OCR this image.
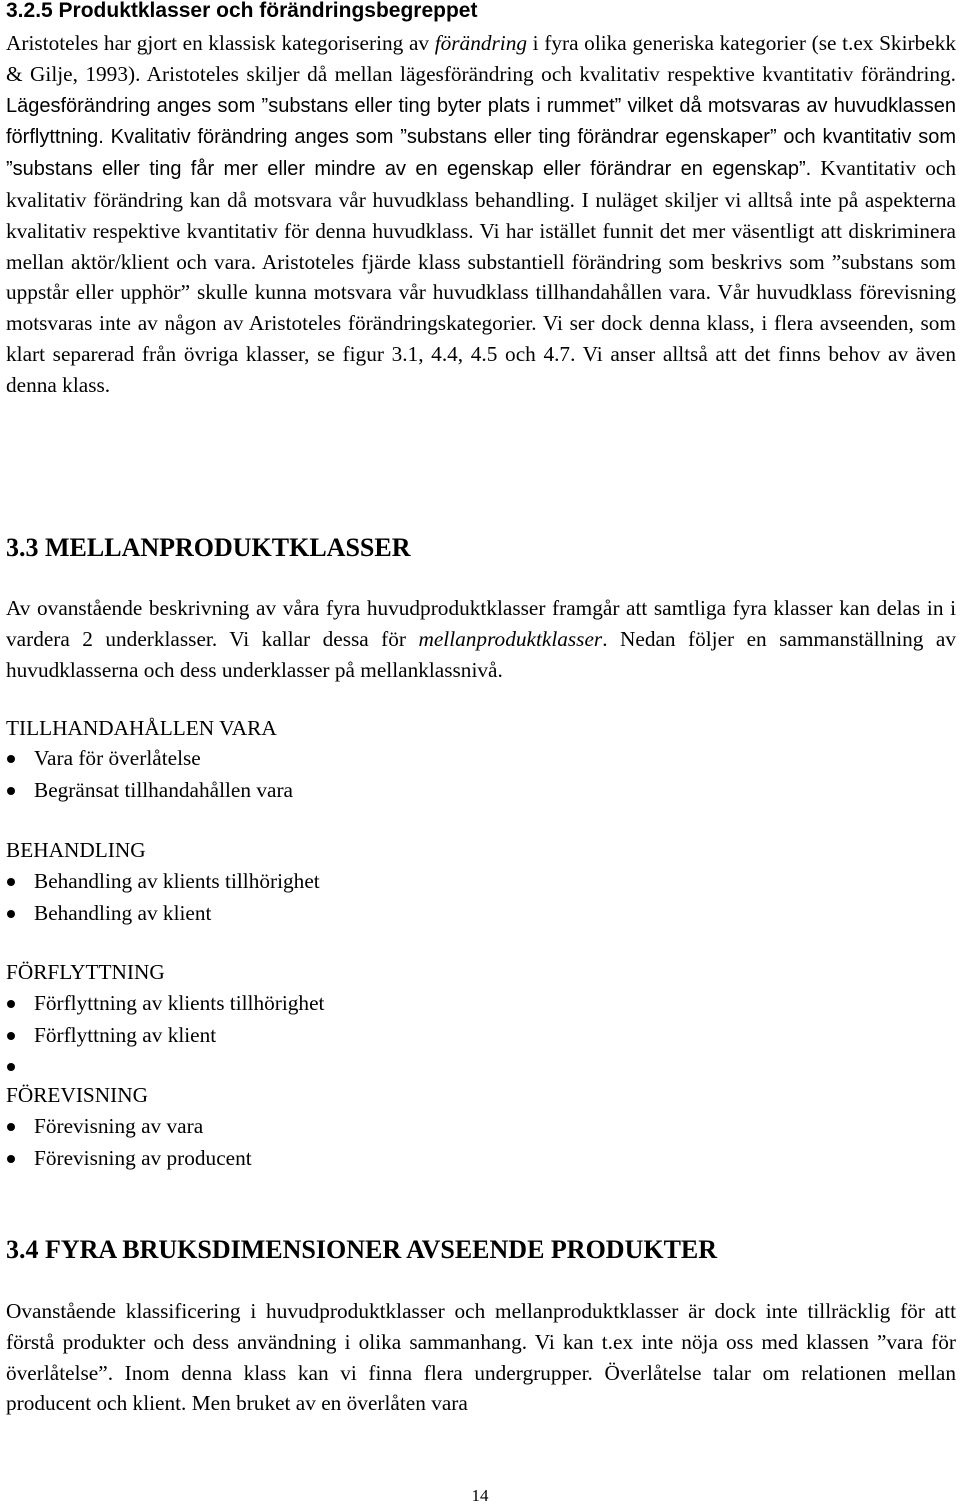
3.2.5 Produktklasser och förändringsbegreppet

Aristoteles har gjort en klassisk kategorisering av förändring i fyra olika generiska kategorier (se t.ex Skirbekk & Gilje, 1993). Aristoteles skiljer då mellan lägesförändring och kvalitativ respektive kvantitativ förändring. Lägesförändring anges som ”substans eller ting byter plats i rummet” vilket då motsvaras av huvudklassen förflyttning. Kvalitativ förändring anges som ”substans eller ting förändrar egenskaper” och kvantitativ som ”substans eller ting får mer eller mindre av en egenskap eller förändrar en egenskap”. Kvantitativ och kvalitativ förändring kan då motsvara vår huvudklass behandling. I nuläget skiljer vi alltså inte på aspekterna kvalitativ respektive kvantitativ för denna huvudklass. Vi har istället funnit det mer väsentligt att diskriminera mellan aktör/klient och vara. Aristoteles fjärde klass substantiell förändring som beskrivs som ”substans som uppstår eller upphör” skulle kunna motsvara vår huvudklass tillhandahållen vara. Vår huvudklass förevisning motsvaras inte av någon av Aristoteles förändringskategorier. Vi ser dock denna klass, i flera avseenden, som klart separerad från övriga klasser, se figur 3.1, 4.4, 4.5 och 4.7. Vi anser alltså att det finns behov av även denna klass.

3.3 MELLANPRODUKTKLASSER

Av ovanstående beskrivning av våra fyra huvudproduktklasser framgår att samtliga fyra klasser kan delas in i vardera 2 underklasser. Vi kallar dessa för mellanproduktklasser. Nedan följer en sammanställning av huvudklasserna och dess underklasser på mellanklassnivå.

TILLHANDAHÅLLEN VARA
Vara för överlåtelse
Begränsat tillhandahållen vara
BEHANDLING
Behandling av klients tillhörighet
Behandling av klient
FÖRFLYTTNING
Förflyttning av klients tillhörighet
Förflyttning av klient
FÖREVISNING
Förevisning av vara
Förevisning av producent
3.4 FYRA BRUKSDIMENSIONER AVSEENDE PRODUKTER

Ovanstående klassificering i huvudproduktklasser och mellanproduktklasser är dock inte tillräcklig för att förstå produkter och dess användning i olika sammanhang. Vi kan t.ex inte nöja oss med klassen ”vara för överlåtelse”. Inom denna klass kan vi finna flera undergrupper. Överlåtelse talar om relationen mellan producent och klient. Men bruket av en överlåten vara

14
